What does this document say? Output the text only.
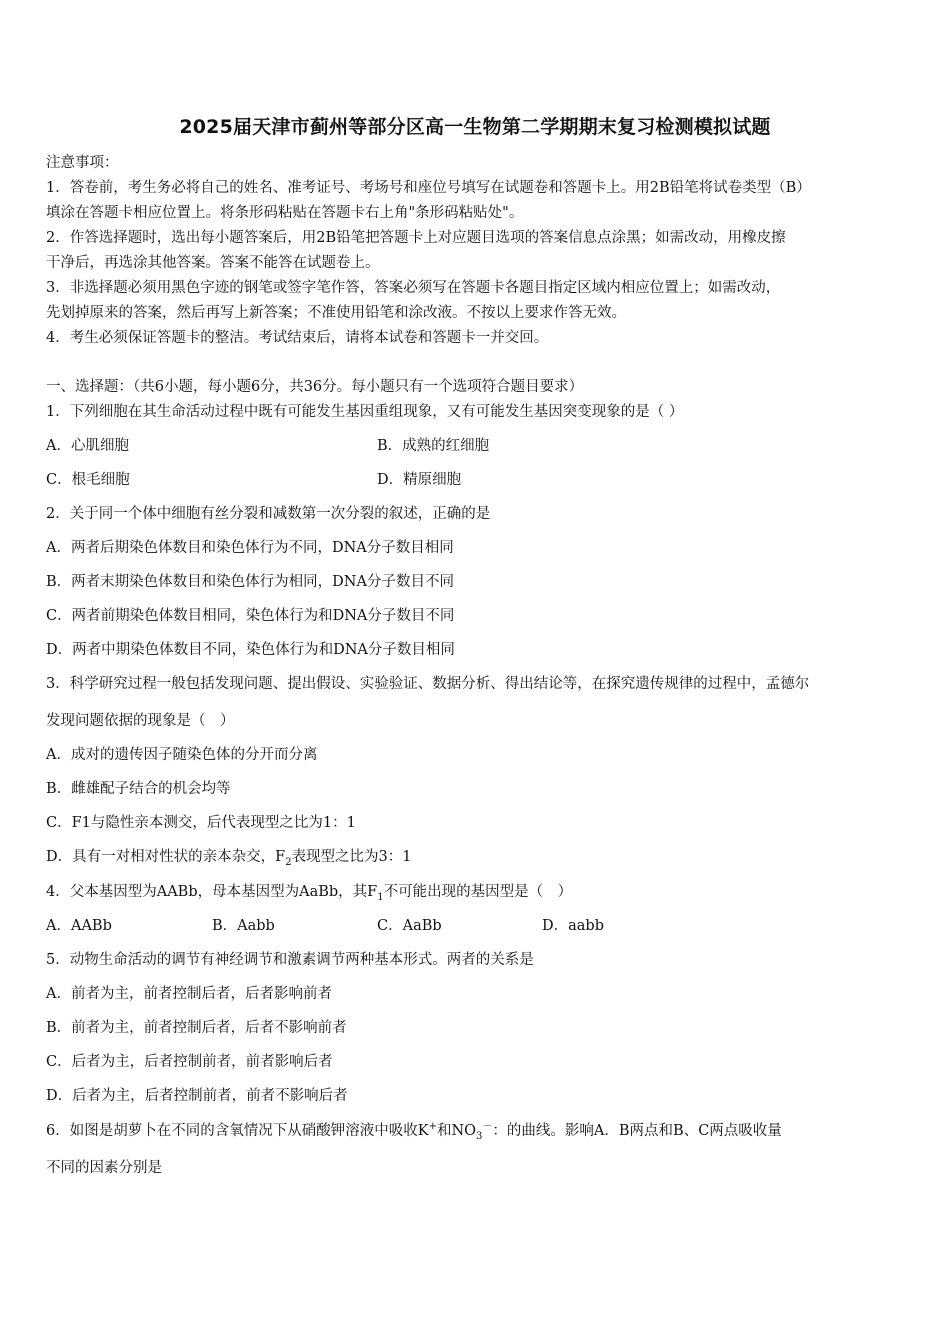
2025届天津市蓟州等部分区高一生物第二学期期末复习检测模拟试题
注意事项：
1．答卷前，考生务必将自己的姓名、准考证号、考场号和座位号填写在试题卷和答题卡上。用2B铅笔将试卷类型（B）
填涂在答题卡相应位置上。将条形码粘贴在答题卡右上角"条形码粘贴处"。
2．作答选择题时，选出每小题答案后，用2B铅笔把答题卡上对应题目选项的答案信息点涂黑；如需改动，用橡皮擦
干净后，再选涂其他答案。答案不能答在试题卷上。
3．非选择题必须用黑色字迹的钢笔或签字笔作答，答案必须写在答题卡各题目指定区域内相应位置上；如需改动，
先划掉原来的答案，然后再写上新答案；不准使用铅笔和涂改液。不按以上要求作答无效。
4．考生必须保证答题卡的整洁。考试结束后，请将本试卷和答题卡一并交回。
一、选择题：（共6小题，每小题6分，共36分。每小题只有一个选项符合题目要求）
1．下列细胞在其生命活动过程中既有可能发生基因重组现象，又有可能发生基因突变现象的是（ ）
A．心肌细胞	B．成熟的红细胞
C．根毛细胞	D．精原细胞
2．关于同一个体中细胞有丝分裂和减数第一次分裂的叙述，正确的是
A．两者后期染色体数目和染色体行为不同，DNA分子数目相同
B．两者末期染色体数目和染色体行为相同，DNA分子数目不同
C．两者前期染色体数目相同，染色体行为和DNA分子数目不同
D．两者中期染色体数目不同，染色体行为和DNA分子数目相同
3．科学研究过程一般包括发现问题、提出假设、实验验证、数据分析、得出结论等，在探究遗传规律的过程中，孟德尔
发现问题依据的现象是（　）
A．成对的遗传因子随染色体的分开而分离
B．雌雄配子结合的机会均等
C．F1与隐性亲本测交，后代表现型之比为1：1
D．具有一对相对性状的亲本杂交，$F_2$表现型之比为3：1
4．父本基因型为AABb，母本基因型为AaBb，其$F_1$不可能出现的基因型是（　）
A．AABb	B．Aabb	C．AaBb	D．aabb
5．动物生命活动的调节有神经调节和激素调节两种基本形式。两者的关系是
A．前者为主，前者控制后者，后者影响前者
B．前者为主，前者控制后者，后者不影响前者
C．后者为主，后者控制前者，前者影响后者
D．后者为主，后者控制前者，前者不影响后者
6．如图是胡萝卜在不同的含氧情况下从硝酸钾溶液中吸收K+和$NO_3^-$：的曲线。影响A．B两点和B、C两点吸收量
不同的因素分别是
